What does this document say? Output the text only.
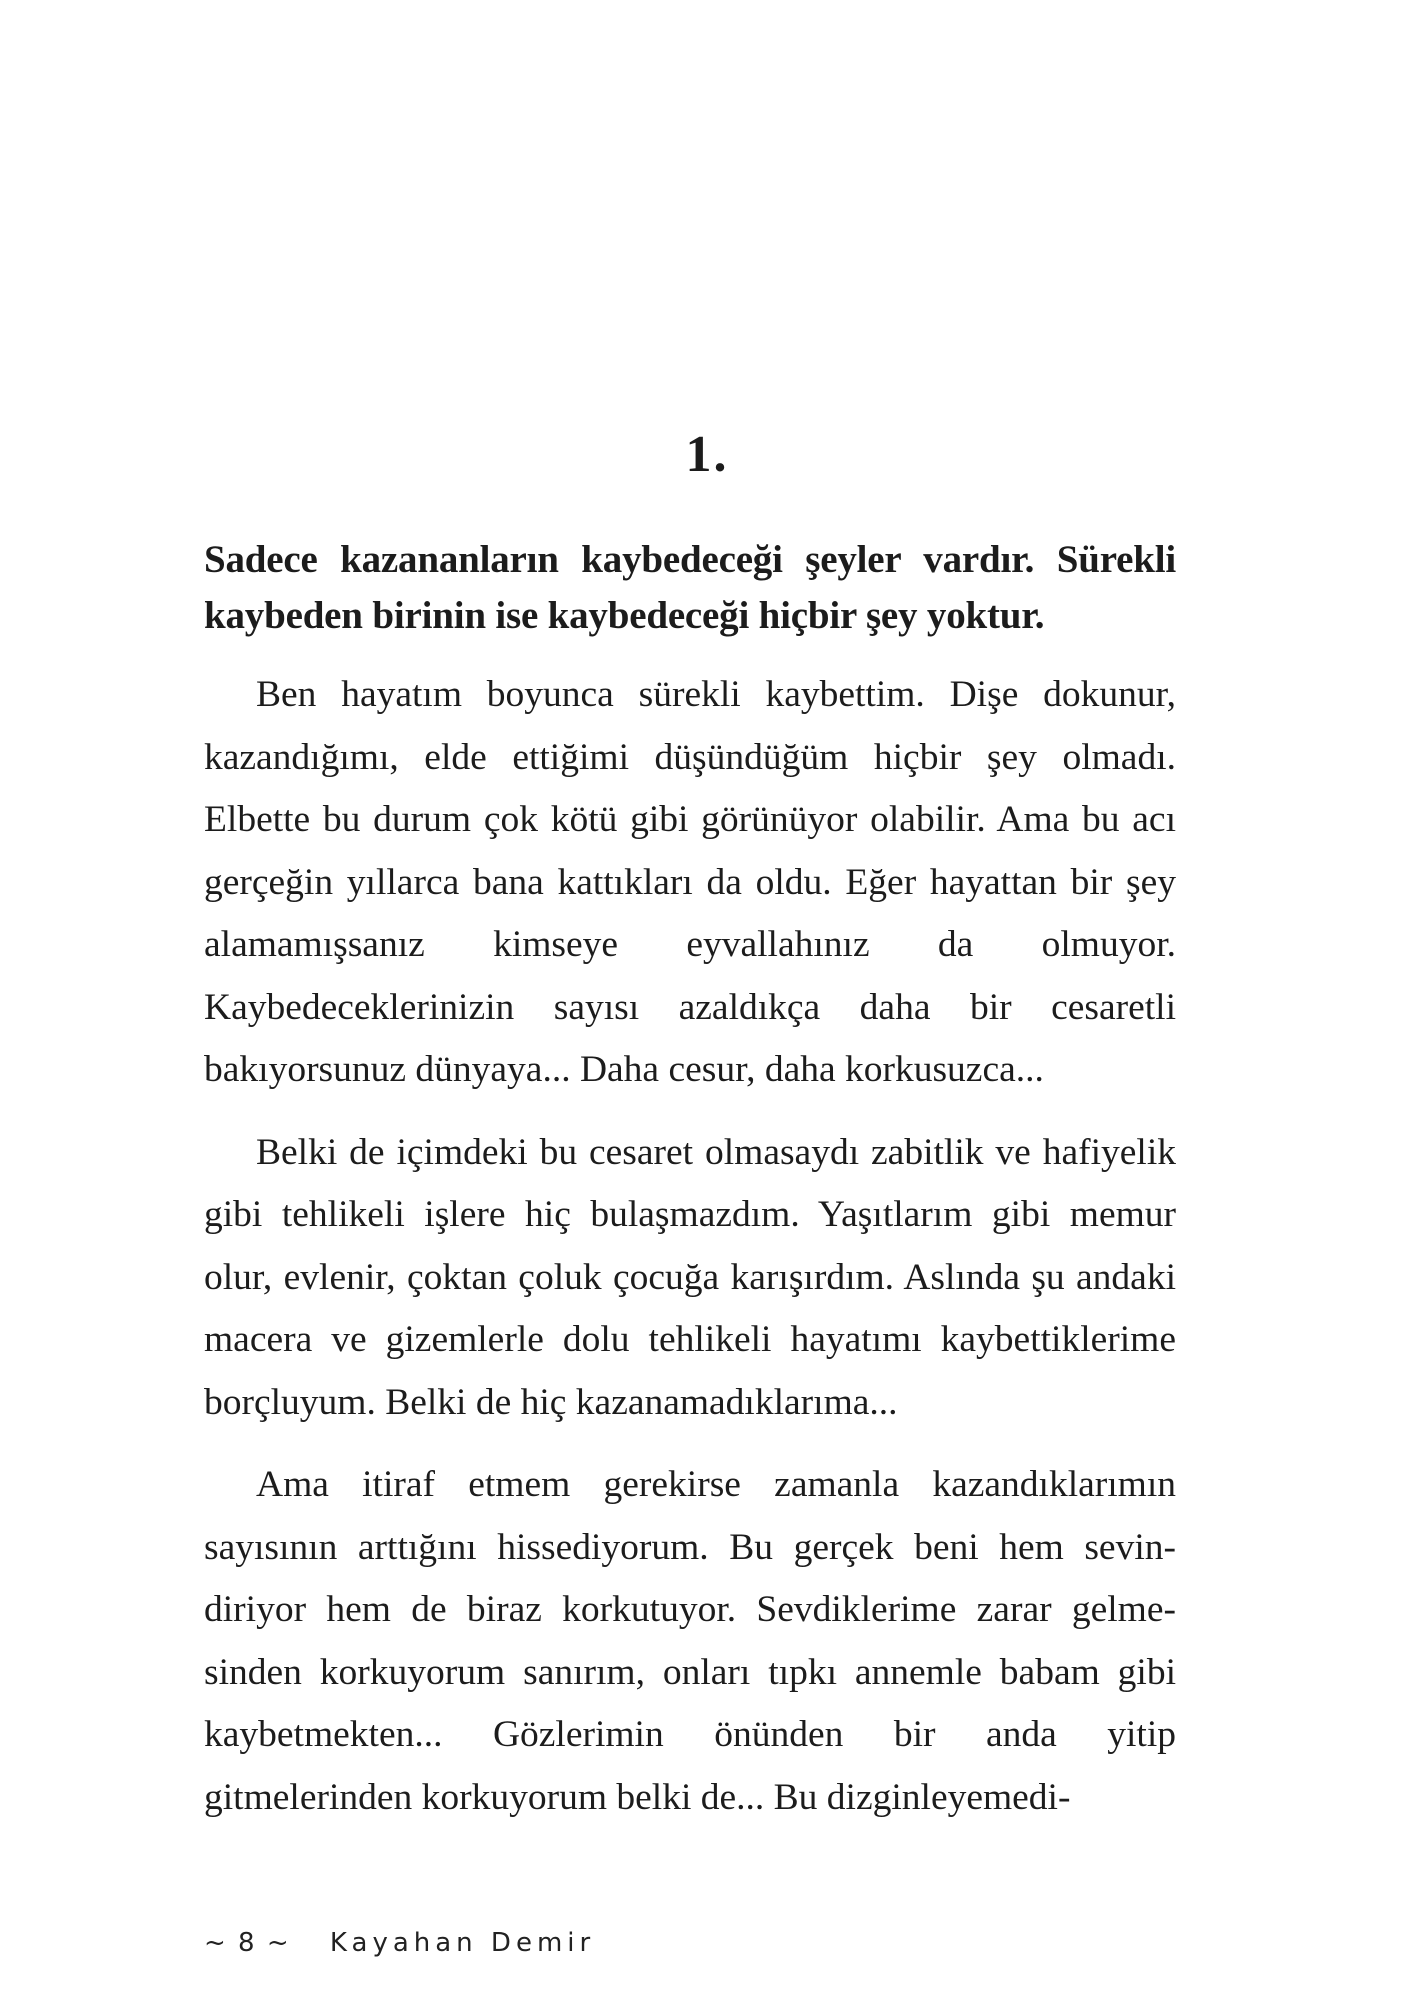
1.

Sadece kazananların kaybedeceği şeyler vardır. Sürekli kaybeden birinin ise kaybedeceği hiçbir şey yoktur.

Ben hayatım boyunca sürekli kaybettim. Dişe dokunur, kazandığımı, elde ettiğimi düşündüğüm hiçbir şey olmadı. Elbette bu durum çok kötü gibi görünüyor olabilir. Ama bu acı gerçeğin yıllarca bana kattıkları da oldu. Eğer hayattan bir şey alamamışsanız kimseye eyvallahınız da olmuyor. Kaybedeceklerinizin sayısı azaldıkça daha bir cesaretli bakıyorsunuz dünyaya... Daha cesur, daha korkusuzca...

Belki de içimdeki bu cesaret olmasaydı zabitlik ve hafiyelik gibi tehlikeli işlere hiç bulaşmazdım. Yaşıtlarım gibi memur olur, evlenir, çoktan çoluk çocuğa karışırdım. Aslında şu andaki macera ve gizemlerle dolu tehlikeli hayatımı kaybettiklerime borçluyum. Belki de hiç kazanamadıklarıma...

Ama itiraf etmem gerekirse zamanla kazandıklarımın sayısının arttığını hissediyorum. Bu gerçek beni hem sevindiriyor hem de biraz korkutuyor. Sevdiklerime zarar gelmesinden korkuyorum sanırım, onları tıpkı annemle babam gibi kaybetmekten... Gözlerimin önünden bir anda yitip gitmelerinden korkuyorum belki de... Bu dizginleyemedi-

~ 8 ~ Kayahan Demir
